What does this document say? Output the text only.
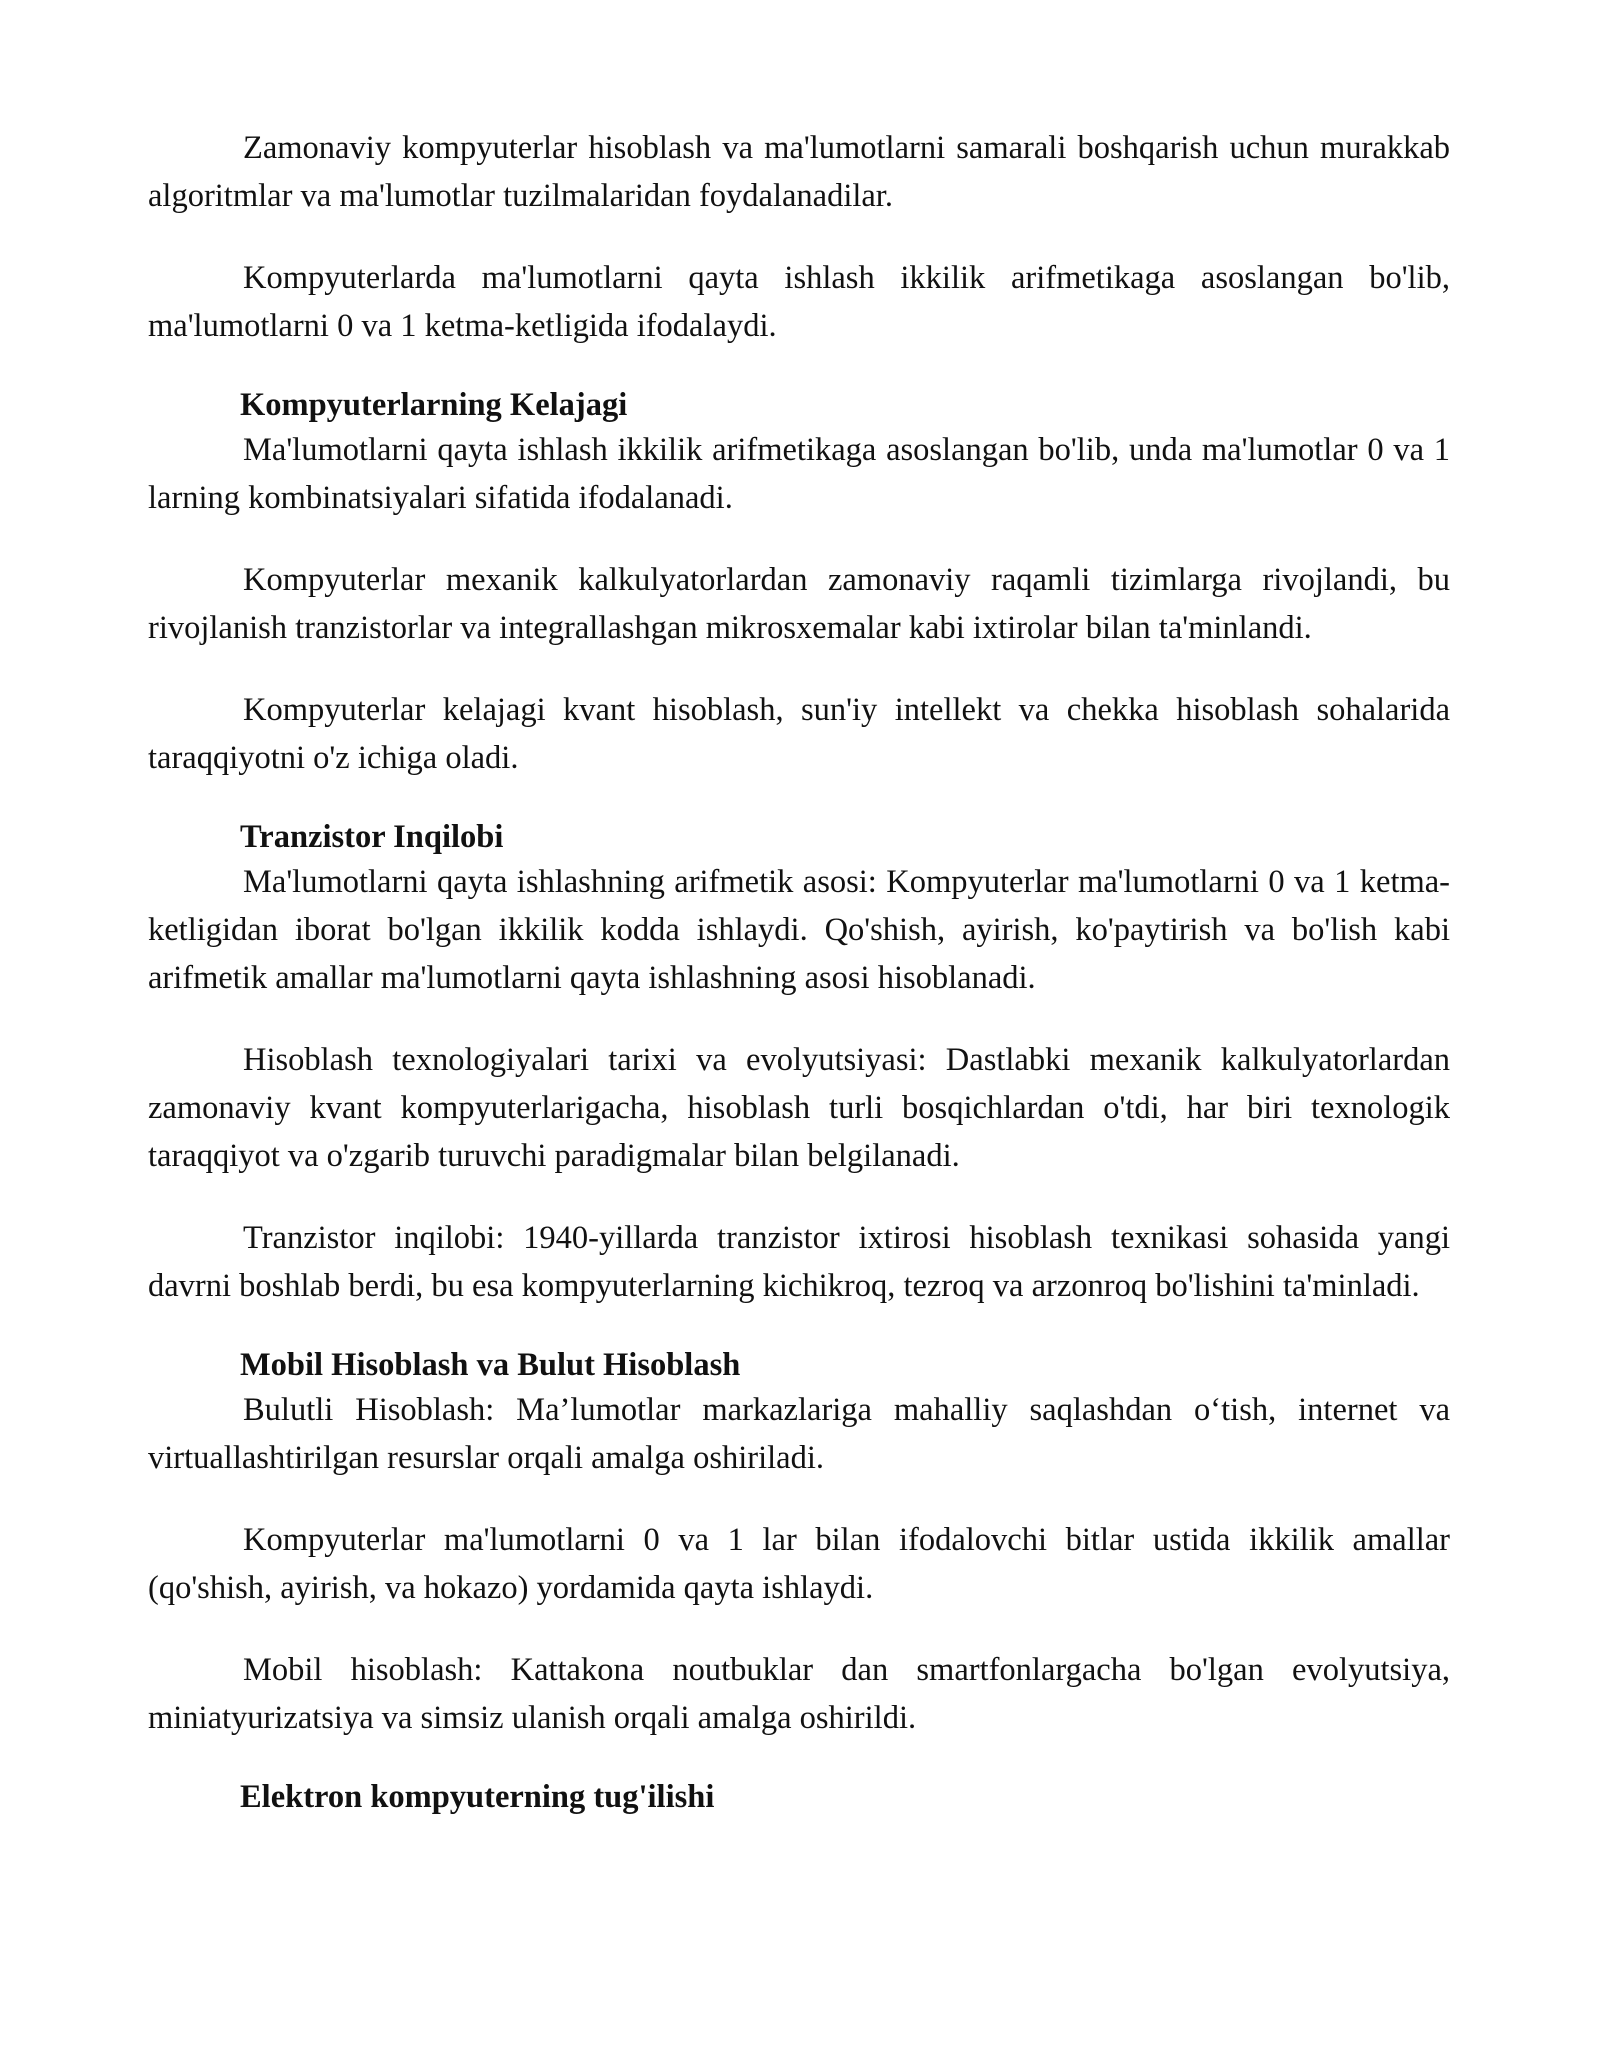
Zamonaviy kompyuterlar hisoblash va ma'lumotlarni samarali boshqarish uchun murakkab algoritmlar va ma'lumotlar tuzilmalaridan foydalanadilar.

Kompyuterlarda ma'lumotlarni qayta ishlash ikkilik arifmetikaga asoslangan bo'lib, ma'lumotlarni 0 va 1 ketma-ketligida ifodalaydi.

Kompyuterlarning Kelajagi

Ma'lumotlarni qayta ishlash ikkilik arifmetikaga asoslangan bo'lib, unda ma'lumotlar 0 va 1 larning kombinatsiyalari sifatida ifodalanadi.

Kompyuterlar mexanik kalkulyatorlardan zamonaviy raqamli tizimlarga rivojlandi, bu rivojlanish tranzistorlar va integrallashgan mikrosxemalar kabi ixtirolar bilan ta'minlandi.

Kompyuterlar kelajagi kvant hisoblash, sun'iy intellekt va chekka hisoblash sohalarida taraqqiyotni o'z ichiga oladi.

Tranzistor Inqilobi

Ma'lumotlarni qayta ishlashning arifmetik asosi: Kompyuterlar ma'lumotlarni 0 va 1 ketma-ketligidan iborat bo'lgan ikkilik kodda ishlaydi. Qo'shish, ayirish, ko'paytirish va bo'lish kabi arifmetik amallar ma'lumotlarni qayta ishlashning asosi hisoblanadi.

Hisoblash texnologiyalari tarixi va evolyutsiyasi: Dastlabki mexanik kalkulyatorlardan zamonaviy kvant kompyuterlarigacha, hisoblash turli bosqichlardan o'tdi, har biri texnologik taraqqiyot va o'zgarib turuvchi paradigmalar bilan belgilanadi.

Tranzistor inqilobi: 1940-yillarda tranzistor ixtirosi hisoblash texnikasi sohasida yangi davrni boshlab berdi, bu esa kompyuterlarning kichikroq, tezroq va arzonroq bo'lishini ta'minladi.

Mobil Hisoblash va Bulut Hisoblash

Bulutli Hisoblash: Ma’lumotlar markazlariga mahalliy saqlashdan o‘tish, internet va virtuallashtirilgan resurslar orqali amalga oshiriladi.

Kompyuterlar ma'lumotlarni 0 va 1 lar bilan ifodalovchi bitlar ustida ikkilik amallar (qo'shish, ayirish, va hokazo) yordamida qayta ishlaydi.

Mobil hisoblash: Kattakona noutbuklar dan smartfonlargacha bo'lgan evolyutsiya, miniatyurizatsiya va simsiz ulanish orqali amalga oshirildi.

Elektron kompyuterning tug'ilishi
